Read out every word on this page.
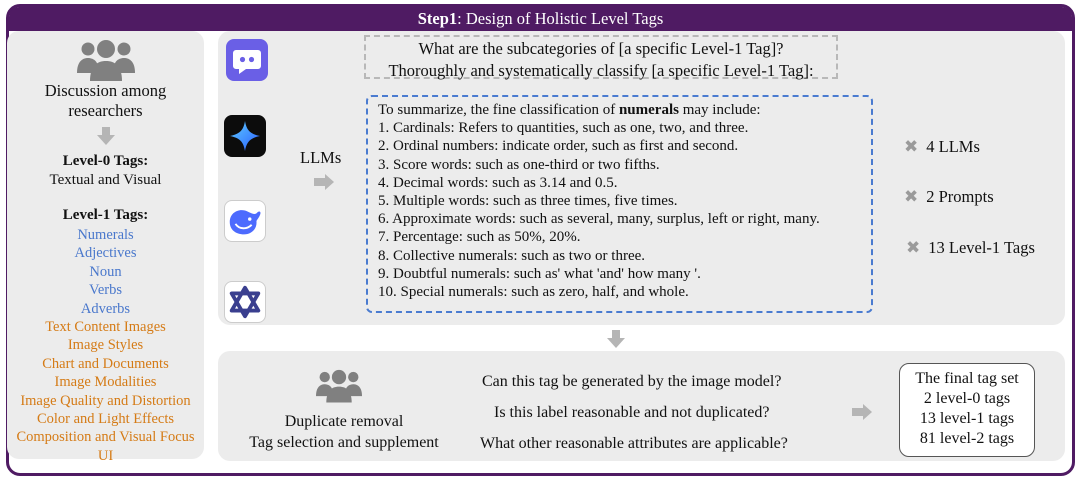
Step1: Design of Holistic Level Tags
Discussion among
researchers
Level-0 Tags:
Textual and Visual
Level-1 Tags:
Numerals
Adjectives
Noun
Verbs
Adverbs
Text Content Images
Image Styles
Chart and Documents
Image Modalities
Image Quality and Distortion
Color and Light Effects
Composition and Visual Focus
UI
LLMs
What are the subcategories of [a specific Level-1 Tag]?
Thoroughly and systematically classify [a specific Level-1 Tag]:
To summarize, the fine classification of numerals may include:
1. Cardinals: Refers to quantities, such as one, two, and three.
2. Ordinal numbers: indicate order, such as first and second.
3. Score words: such as one-third or two fifths.
4. Decimal words: such as 3.14 and 0.5.
5. Multiple words: such as three times, five times.
6. Approximate words: such as several, many, surplus, left or right, many.
7. Percentage: such as 50%, 20%.
8. Collective numerals: such as two or three.
9. Doubtful numerals: such as' what 'and' how many '.
10. Special numerals: such as zero, half, and whole.
✖ 4 LLMs
✖ 2 Prompts
✖ 13 Level-1 Tags
Duplicate removal
Tag selection and supplement
Can this tag be generated by the image model?
Is this label reasonable and not duplicated?
What other reasonable attributes are applicable?
The final tag set
2 level-0 tags
13 level-1 tags
81 level-2 tags
